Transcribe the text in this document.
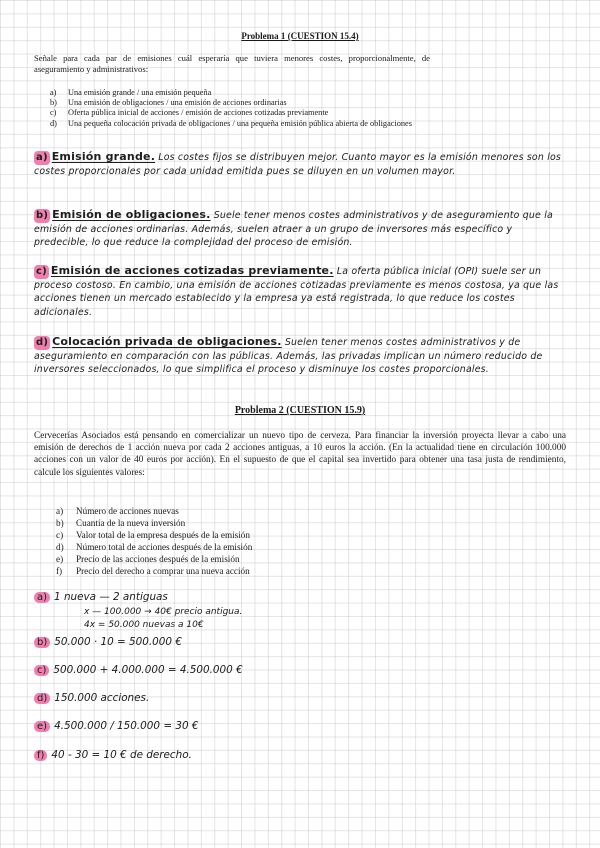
Problema 1 (CUESTION 15.4)
Señale para cada par de emisiones cuál esperaría que tuviera menores costes, proporcionalmente, de aseguramiento y administrativos:
a) Una emisión grande / una emisión pequeña
b) Una emisión de obligaciones / una emisión de acciones ordinarias
c) Oferta pública inicial de acciones / emisión de acciones cotizadas previamente
d) Una pequeña colocación privada de obligaciones / una pequeña emisión pública abierta de obligaciones
a) Emisión grande. Los costes fijos se distribuyen mejor. Cuanto mayor es la emisión menores son los costes proporcionales por cada unidad emitida pues se diluyen en un volumen mayor.
b) Emisión de obligaciones. Suele tener menos costes administrativos y de aseguramiento que la emisión de acciones ordinarias. Además, suelen atraer a un grupo de inversores más específico y predecible, lo que reduce la complejidad del proceso de emisión.
c) Emisión de acciones cotizadas previamente. La oferta pública inicial (OPI) suele ser un proceso costoso. En cambio, una emisión de acciones cotizadas previamente es menos costosa, ya que las acciones tienen un mercado establecido y la empresa ya está registrada, lo que reduce los costes adicionales.
d) Colocación privada de obligaciones. Suelen tener menos costes administrativos y de aseguramiento en comparación con las públicas. Además, las privadas implican un número reducido de inversores seleccionados, lo que simplifica el proceso y disminuye los costes proporcionales.
Problema 2 (CUESTION 15.9)
Cervecerías Asociados está pensando en comercializar un nuevo tipo de cerveza. Para financiar la inversión proyecta llevar a cabo una emisión de derechos de 1 acción nueva por cada 2 acciones antiguas, a 10 euros la acción. (En la actualidad tiene en circulación 100.000 acciones con un valor de 40 euros por acción). En el supuesto de que el capital sea invertido para obtener una tasa justa de rendimiento, calcule los siguientes valores:
a) Número de acciones nuevas
b) Cuantía de la nueva inversión
c) Valor total de la empresa después de la emisión
d) Número total de acciones después de la emisión
e) Precio de las acciones después de la emisión
f) Precio del derecho a comprar una nueva acción
a) 1 nueva — 2 antiguas
x — 100.000 → 40€ precio antigua.
4x = 50.000 nuevas a 10€
b) 50.000 · 10 = 500.000 €
c) 500.000 + 4.000.000 = 4.500.000 €
d) 150.000 acciones.
e) 4.500.000 / 150.000 = 30 €
f) 40 - 30 = 10 € de derecho.
